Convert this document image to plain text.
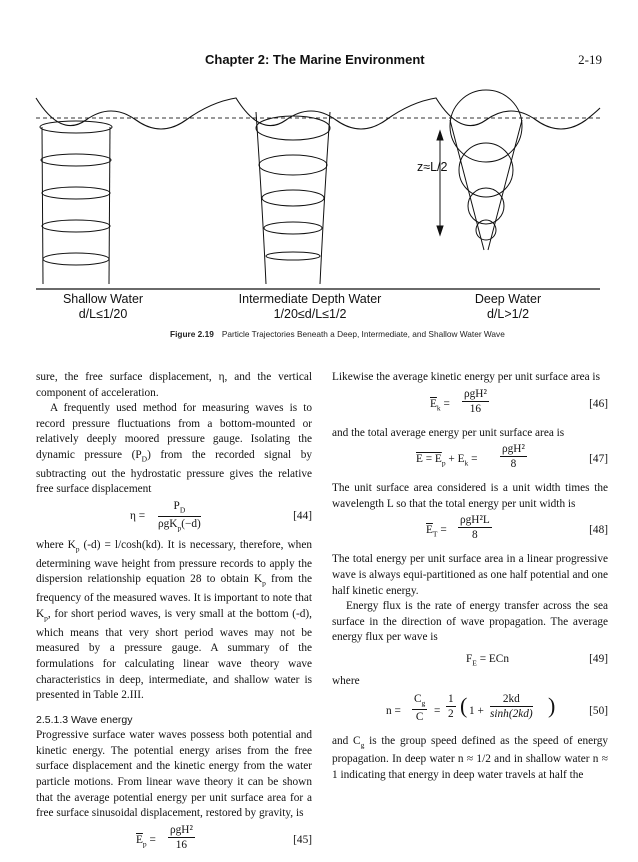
Chapter 2: The Marine Environment	2-19
z≈L/2
Shallow Water
d/L≤1/20
Intermediate Depth Water
1/20≤d/L≤1/2
Deep Water
d/L>1/2
Figure 2.19 Particle Trajectories Beneath a Deep, Intermediate, and Shallow Water Wave

sure, the free surface displacement, η, and the vertical component of acceleration.

A frequently used method for measuring waves is to record pressure fluctuations from a bottom-mounted or relatively deeply moored pressure gauge. Isolating the dynamic pressure $(P_D)$ from the recorded signal by subtracting out the hydrostatic pressure gives the relative free surface displacement

η =
$P_D$
ρgK$_p$(−d)
[44]

where $K_p$ (-d) = l/cosh(kd). It is necessary, therefore, when determining wave height from pressure records to apply the dispersion relationship equation 28 to obtain $K_p$ from the frequency of the measured waves. It is important to note that $K_p$, for short period waves, is very small at the bottom (-d), which means that very short period waves may not be measured by a pressure gauge. A summary of the formulations for calculating linear wave theory wave characteristics in deep, intermediate, and shallow water is presented in Table 2.III.

2.5.1.3 Wave energy

Progressive surface water waves possess both potential and kinetic energy. The potential energy arises from the free surface displacement and the kinetic energy from the water particle motions. From linear wave theory it can be shown that the average potential energy per unit surface area for a free surface sinusoidal displacement, restored by gravity, is

$\overline{E}_p$ =
ρgH²
16	[45]

Likewise the average kinetic energy per unit surface area is

$\overline{E}_k$ =
ρgH²
16	[46]

and the total average energy per unit surface area is

$E = E_p + E_k$ =
ρgH²
8	[47]

The unit surface area considered is a unit width times the wavelength L so that the total energy per unit width is

$\overline{E}_T$ =
ρgH²L
8	[48]

The total energy per unit surface area in a linear progressive wave is always equi-partitioned as one half potential and one half kinetic energy.

Energy flux is the rate of energy transfer across the sea surface in the direction of wave propagation. The average energy flux per wave is

$F_E$ = ECn	[49]

where

$n = \frac{C_g}{C} = \frac{1}{2}$ ( $1 + \frac{2kd}{\sinh(2kd)}$ )	[50]

and $C_g$ is the group speed defined as the speed of energy propagation. In deep water n ≈ 1/2 and in shallow water n ≈ 1 indicating that energy in deep water travels at half the
